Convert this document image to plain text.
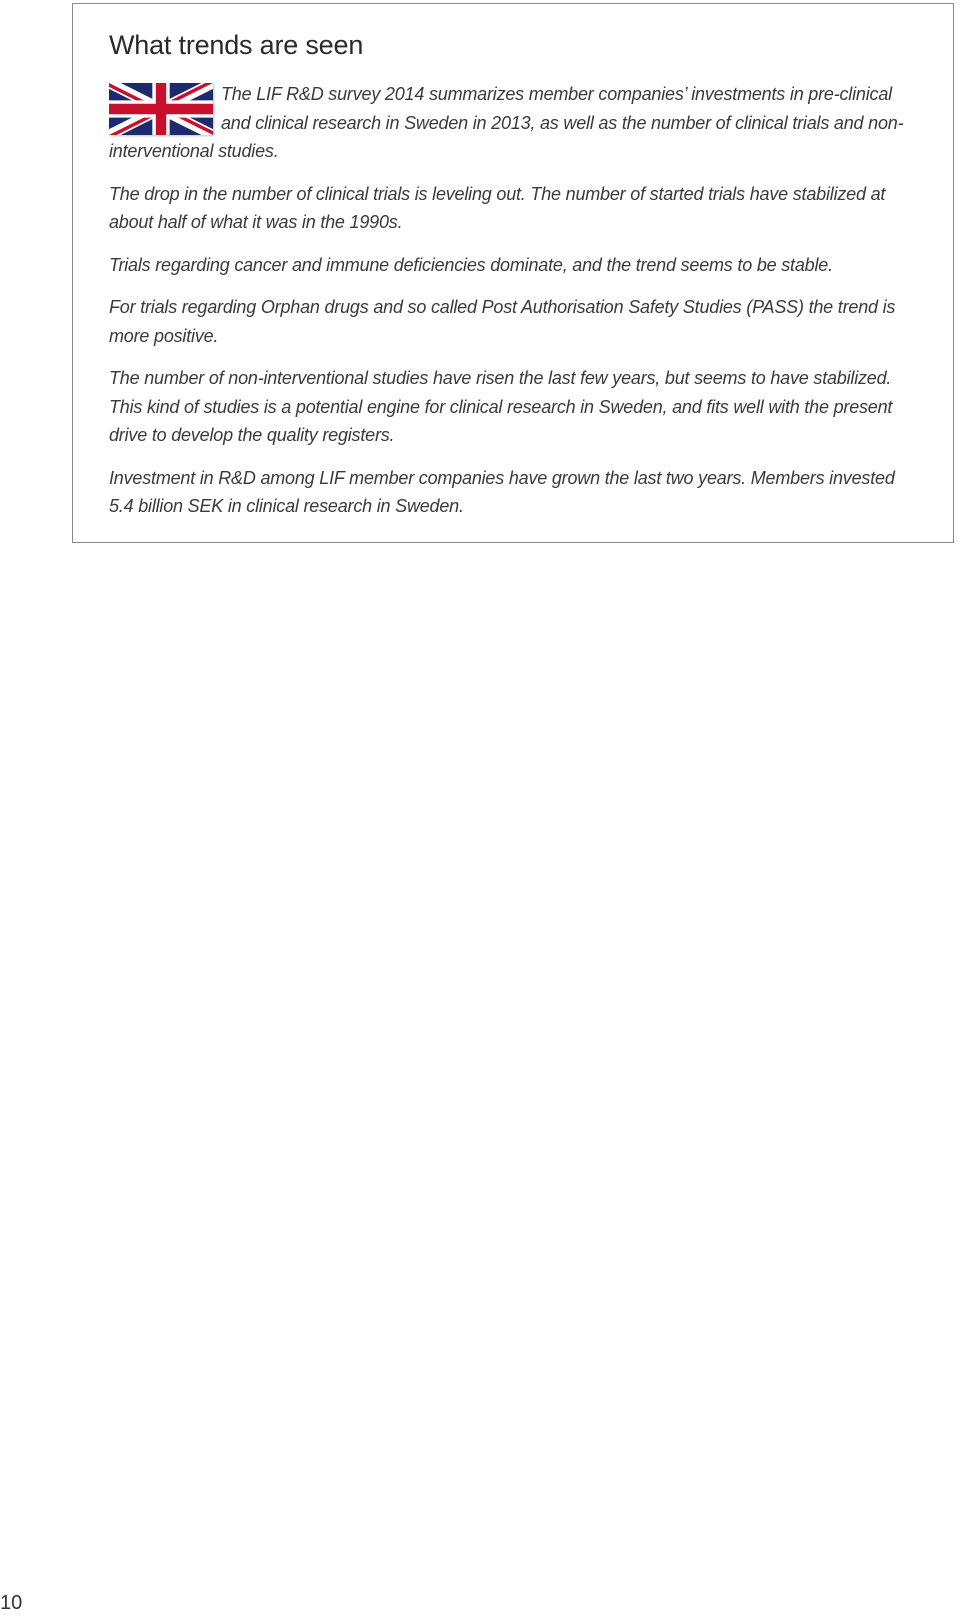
What trends are seen

The LIF R&D survey 2014 summarizes member companies’ investments in pre-clinical and clinical research in Sweden in 2013, as well as the number of clinical trials and non-interventional studies.

The drop in the number of clinical trials is leveling out. The number of started trials have stabilized at about half of what it was in the 1990s.

Trials regarding cancer and immune deficiencies dominate, and the trend seems to be stable.

For trials regarding Orphan drugs and so called Post Authorisation Safety Studies (PASS) the trend is more positive.

The number of non-interventional studies have risen the last few years, but seems to have stabilized. This kind of studies is a potential engine for clinical research in Sweden, and fits well with the present drive to develop the quality registers.

Investment in R&D among LIF member companies have grown the last two years. Members invested 5.4 billion SEK in clinical research in Sweden.

10
